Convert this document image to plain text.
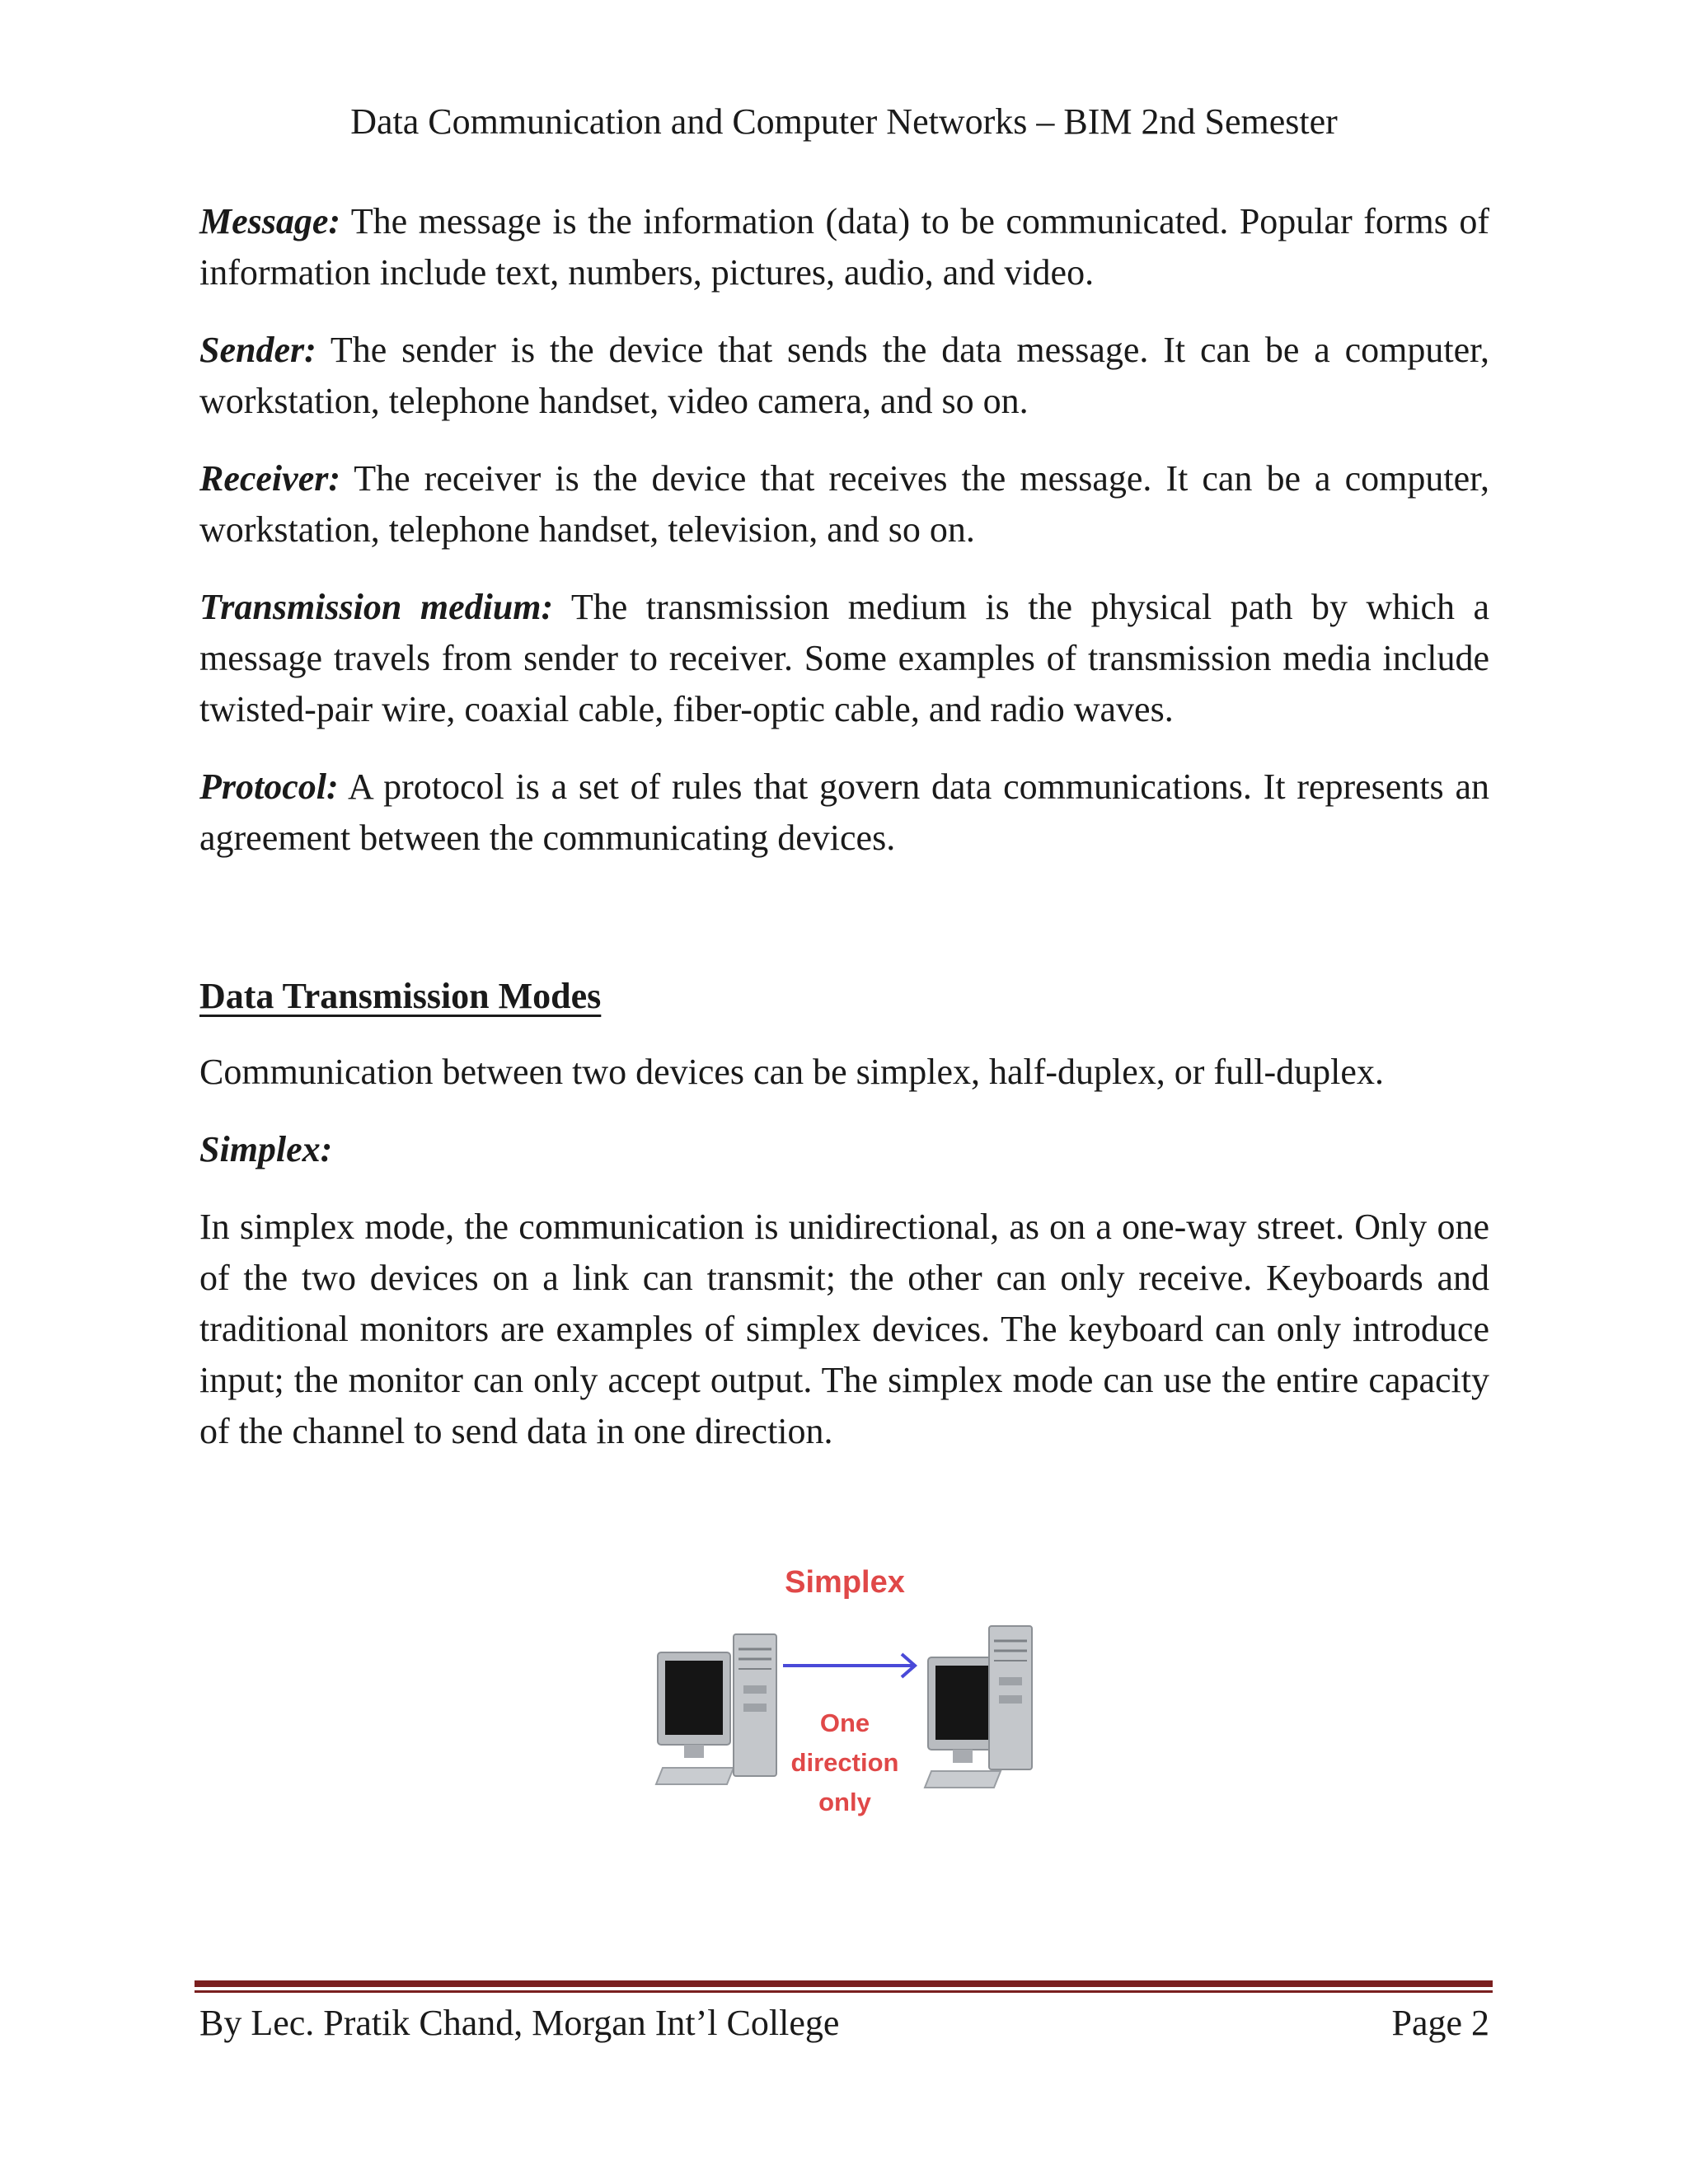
Data Communication and Computer Networks – BIM 2nd Semester

Message: The message is the information (data) to be communicated. Popular forms of information include text, numbers, pictures, audio, and video.

Sender: The sender is the device that sends the data message. It can be a computer, workstation, telephone handset, video camera, and so on.

Receiver: The receiver is the device that receives the message. It can be a computer, workstation, telephone handset, television, and so on.

Transmission medium: The transmission medium is the physical path by which a message travels from sender to receiver. Some examples of transmission media include twisted-pair wire, coaxial cable, fiber-optic cable, and radio waves.

Protocol: A protocol is a set of rules that govern data communications. It represents an agreement between the communicating devices.

Data Transmission Modes

Communication between two devices can be simplex, half-duplex, or full-duplex.

Simplex:

In simplex mode, the communication is unidirectional, as on a one-way street. Only one of the two devices on a link can transmit; the other can only receive. Keyboards and traditional monitors are examples of simplex devices. The keyboard can only introduce input; the monitor can only accept output. The simplex mode can use the entire capacity of the channel to send data in one direction.

Simplex
One direction
only
By Lec. Pratik Chand, Morgan Int’l College	Page 2
